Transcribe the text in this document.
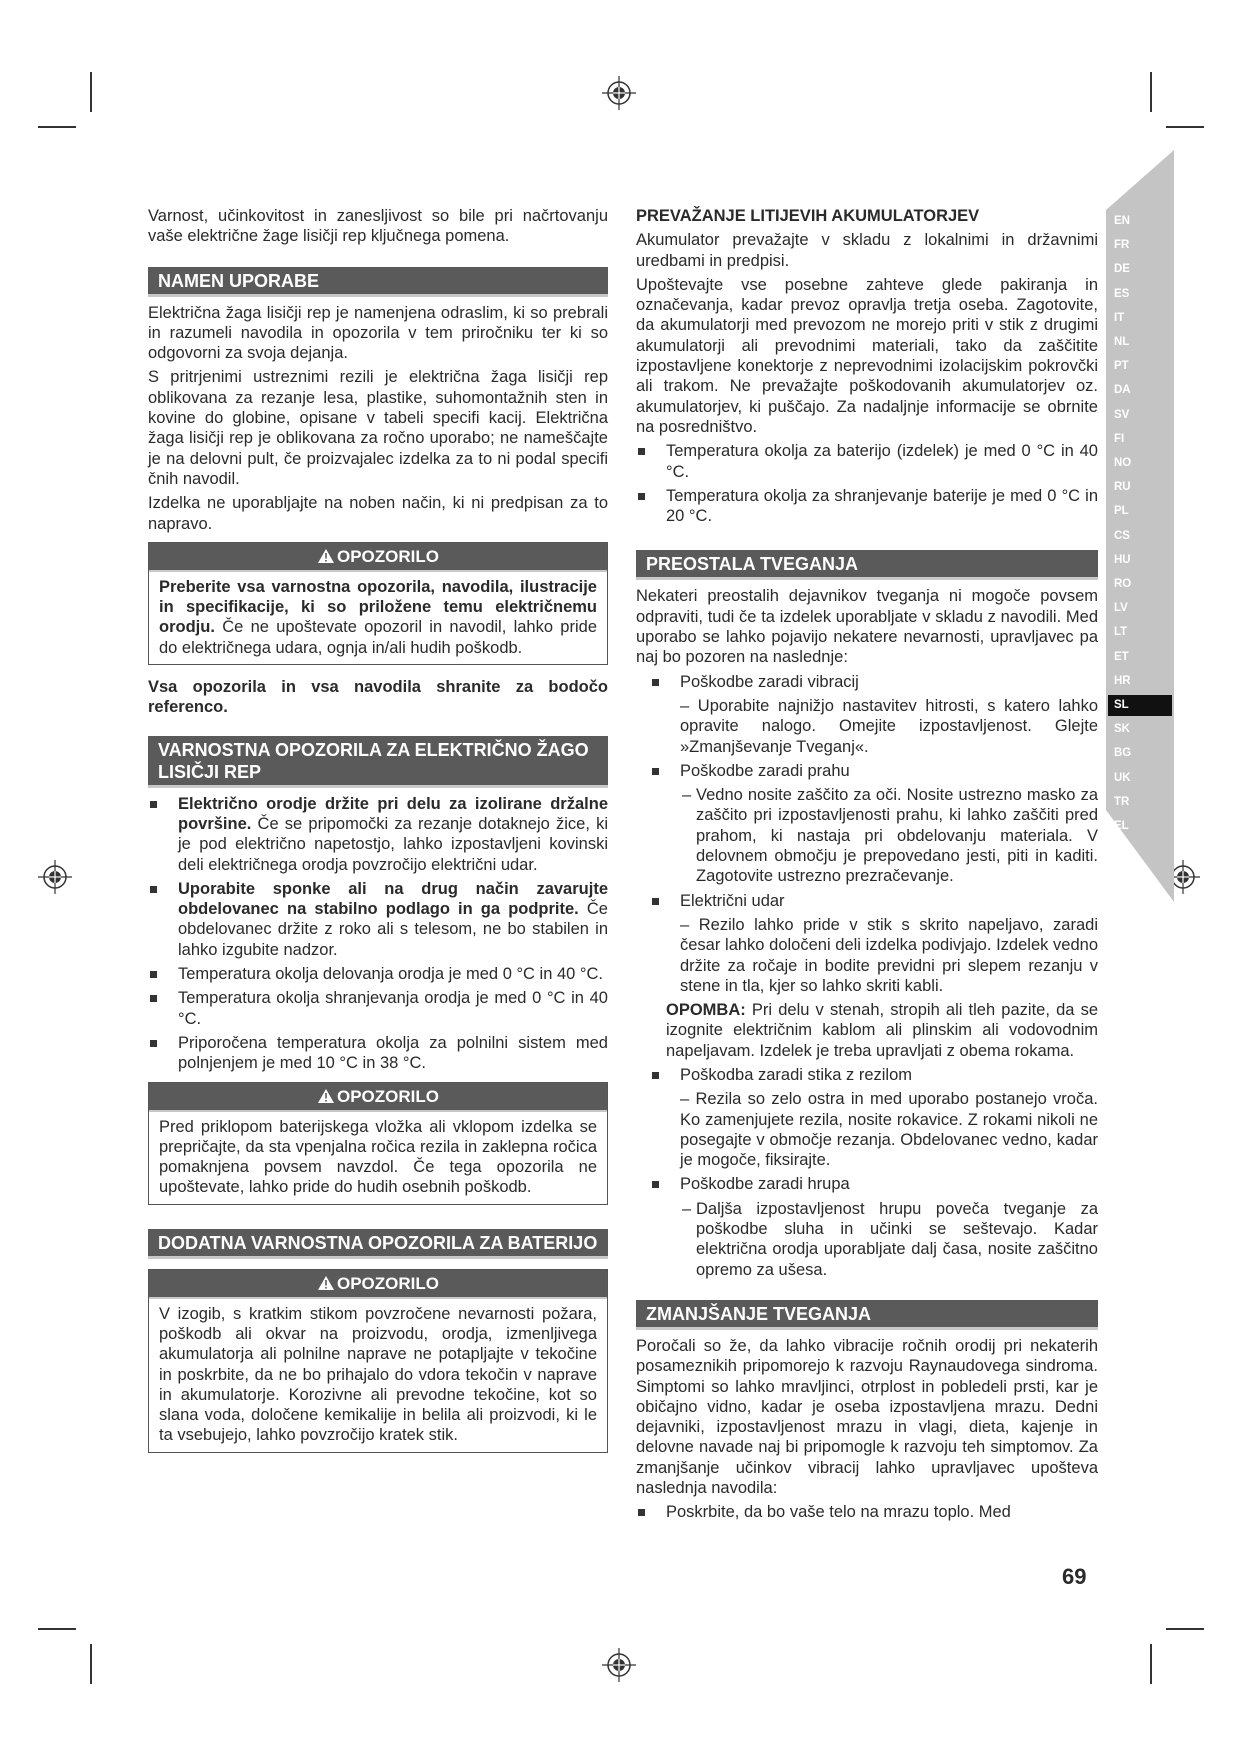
EN
FR
DE
ES
IT
NL
PT
DA
SV
FI
NO
RU
PL
CS
HU
RO
LV
LT
ET
HR
SL
SK
BG
UK
TR
EL

Varnost, učinkovitost in zanesljivost so bile pri načrtovanju vaše električne žage lisičji rep ključnega pomena.

NAMEN UPORABE

Električna žaga lisičji rep je namenjena odraslim, ki so prebrali in razumeli navodila in opozorila v tem priročniku ter ki so odgovorni za svoja dejanja.

S pritrjenimi ustreznimi rezili je električna žaga lisičji rep oblikovana za rezanje lesa, plastike, suhomontažnih sten in kovine do globine, opisane v tabeli specifi kacij. Električna žaga lisičji rep je oblikovana za ročno uporabo; ne nameščajte je na delovni pult, če proizvajalec izdelka za to ni podal specifi čnih navodil.

Izdelka ne uporabljajte na noben način, ki ni predpisan za to napravo.

OPOZORILO
Preberite vsa varnostna opozorila, navodila, ilustracije in specifikacije, ki so priložene temu električnemu orodju. Če ne upoštevate opozoril in navodil, lahko pride do električnega udara, ognja in/ali hudih poškodb.

Vsa opozorila in vsa navodila shranite za bodočo referenco.

VARNOSTNA OPOZORILA ZA ELEKTRIČNO ŽAGO LISIČJI REP
Električno orodje držite pri delu za izolirane držalne površine. Če se pripomočki za rezanje dotaknejo žice, ki je pod električno napetostjo, lahko izpostavljeni kovinski deli električnega orodja povzročijo električni udar.
Uporabite sponke ali na drug način zavarujte obdelovanec na stabilno podlago in ga podprite. Če obdelovanec držite z roko ali s telesom, ne bo stabilen in lahko izgubite nadzor.
Temperatura okolja delovanja orodja je med 0 °C in 40 °C.
Temperatura okolja shranjevanja orodja je med 0 °C in 40 °C.
Priporočena temperatura okolja za polnilni sistem med polnjenjem je med 10 °C in 38 °C.
OPOZORILO
Pred priklopom baterijskega vložka ali vklopom izdelka se prepričajte, da sta vpenjalna ročica rezila in zaklepna ročica pomaknjena povsem navzdol. Če tega opozorila ne upoštevate, lahko pride do hudih osebnih poškodb.
DODATNA VARNOSTNA OPOZORILA ZA BATERIJO
OPOZORILO
V izogib, s kratkim stikom povzročene nevarnosti požara, poškodb ali okvar na proizvodu, orodja, izmenljivega akumulatorja ali polnilne naprave ne potapljajte v tekočine in poskrbite, da ne bo prihajalo do vdora tekočin v naprave in akumulatorje. Korozivne ali prevodne tekočine, kot so slana voda, določene kemikalije in belila ali proizvodi, ki le ta vsebujejo, lahko povzročijo kratek stik.
PREVAŽANJE LITIJEVIH AKUMULATORJEV

Akumulator prevažajte v skladu z lokalnimi in državnimi uredbami in predpisi.

Upoštevajte vse posebne zahteve glede pakiranja in označevanja, kadar prevoz opravlja tretja oseba. Zagotovite, da akumulatorji med prevozom ne morejo priti v stik z drugimi akumulatorji ali prevodnimi materiali, tako da zaščitite izpostavljene konektorje z neprevodnimi izolacijskim pokrovčki ali trakom. Ne prevažajte poškodovanih akumulatorjev oz. akumulatorjev, ki puščajo. Za nadaljnje informacije se obrnite na posredništvo.

Temperatura okolja za baterijo (izdelek) je med 0 °C in 40 °C.
Temperatura okolja za shranjevanje baterije je med 0 °C in 20 °C.
PREOSTALA TVEGANJA

Nekateri preostalih dejavnikov tveganja ni mogoče povsem odpraviti, tudi če ta izdelek uporabljate v skladu z navodili. Med uporabo se lahko pojavijo nekatere nevarnosti, upravljavec pa naj bo pozoren na naslednje:

Poškodbe zaradi vibracij
– Uporabite najnižjo nastavitev hitrosti, s katero lahko opravite nalogo. Omejite izpostavljenost. Glejte »Zmanjševanje Tveganj«.
Poškodbe zaradi prahu
– Vedno nosite zaščito za oči. Nosite ustrezno masko za zaščito pri izpostavljenosti prahu, ki lahko zaščiti pred prahom, ki nastaja pri obdelovanju materiala. V delovnem območju je prepovedano jesti, piti in kaditi. Zagotovite ustrezno prezračevanje.
Električni udar
– Rezilo lahko pride v stik s skrito napeljavo, zaradi česar lahko določeni deli izdelka podivjajo. Izdelek vedno držite za ročaje in bodite previdni pri slepem rezanju v stene in tla, kjer so lahko skriti kabli.
OPOMBA: Pri delu v stenah, stropih ali tleh pazite, da se izognite električnim kablom ali plinskim ali vodovodnim napeljavam. Izdelek je treba upravljati z obema rokama.
Poškodba zaradi stika z rezilom
– Rezila so zelo ostra in med uporabo postanejo vroča. Ko zamenjujete rezila, nosite rokavice. Z rokami nikoli ne posegajte v območje rezanja. Obdelovanec vedno, kadar je mogoče, fiksirajte.
Poškodbe zaradi hrupa
– Daljša izpostavljenost hrupu poveča tveganje za poškodbe sluha in učinki se seštevajo. Kadar električna orodja uporabljate dalj časa, nosite zaščitno opremo za ušesa.
ZMANJŠANJE TVEGANJA

Poročali so že, da lahko vibracije ročnih orodij pri nekaterih posameznikih pripomorejo k razvoju Raynaudovega sindroma. Simptomi so lahko mravljinci, otrplost in pobledeli prsti, kar je običajno vidno, kadar je oseba izpostavljena mrazu. Dedni dejavniki, izpostavljenost mrazu in vlagi, dieta, kajenje in delovne navade naj bi pripomogle k razvoju teh simptomov. Za zmanjšanje učinkov vibracij lahko upravljavec upošteva naslednja navodila:

Poskrbite, da bo vaše telo na mrazu toplo. Med
69
